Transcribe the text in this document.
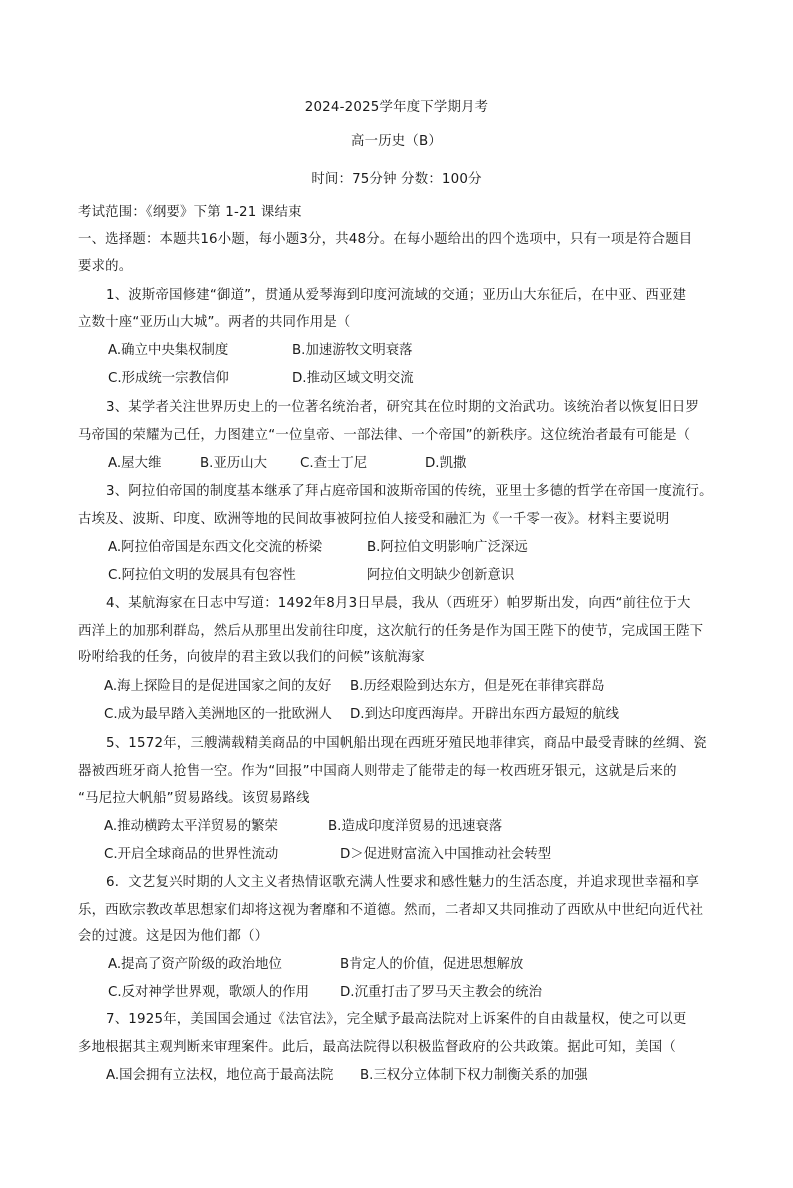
2024-2025学年度下学期月考
高一历史（B）
时间：75分钟 分数：100分
考试范围：《纲要》下第 1-21 课结束
一、选择题：本题共16小题，每小题3分，共48分。在每小题给出的四个选项中，只有一项是符合题目
要求的。
1、波斯帝国修建“御道”，贯通从爱琴海到印度河流域的交通；亚历山大东征后，在中亚、西亚建
立数十座“亚历山大城”。两者的共同作用是（
A.确立中央集权制度	B.加速游牧文明衰落
C.形成统一宗教信仰	D.推动区域文明交流
3、某学者关注世界历史上的一位著名统治者，研究其在位时期的文治武功。该统治者以恢复旧日罗
马帝国的荣耀为己任，力图建立“一位皇帝、一部法律、一个帝国”的新秩序。这位统治者最有可能是（
A.屋大维	B.亚历山大 C.查士丁尼	D.凯撒
3、阿拉伯帝国的制度基本继承了拜占庭帝国和波斯帝国的传统，亚里士多德的哲学在帝国一度流行。
古埃及、波斯、印度、欧洲等地的民间故事被阿拉伯人接受和融汇为《一千零一夜》。材料主要说明
A.阿拉伯帝国是东西文化交流的桥梁	B.阿拉伯文明影响广泛深远
C.阿拉伯文明的发展具有包容性	阿拉伯文明缺少创新意识
4、某航海家在日志中写道：1492年8月3日早晨，我从（西班牙）帕罗斯出发，向西“前往位于大
西洋上的加那利群岛，然后从那里出发前往印度，这次航行的任务是作为国王陛下的使节，完成国王陛下
吩咐给我的任务，向彼岸的君主致以我们的问候”该航海家
A.海上探险目的是促进国家之间的友好 B.历经艰险到达东方，但是死在菲律宾群岛
C.成为最早踏入美洲地区的一批欧洲人 D.到达印度西海岸。开辟出东西方最短的航线
5、1572年，三艘满载精美商品的中国帆船出现在西班牙殖民地菲律宾，商品中最受青睐的丝绸、瓷
器被西班牙商人抢售一空。作为“回报”中国商人则带走了能带走的每一枚西班牙银元，这就是后来的
“马尼拉大帆船”贸易路线。该贸易路线
A.推动横跨太平洋贸易的繁荣	B.造成印度洋贸易的迅速衰落
C.开启全球商品的世界性流动	D＞促进财富流入中国推动社会转型
6．文艺复兴时期的人文主义者热情讴歌充满人性要求和感性魅力的生活态度，并追求现世幸福和享
乐，西欧宗教改革思想家们却将这视为奢靡和不道德。然而，二者却又共同推动了西欧从中世纪向近代社
会的过渡。这是因为他们都（）
A.提高了资产阶级的政治地位	B肯定人的价值，促进思想解放
C.反对神学世界观，歌颂人的作用 D.沉重打击了罗马天主教会的统治
7、1925年，美国国会通过《法官法》，完全赋予最高法院对上诉案件的自由裁量权，使之可以更
多地根据其主观判断来审理案件。此后，最高法院得以积极监督政府的公共政策。据此可知，美国（
A.国会拥有立法权，地位高于最高法院 B.三权分立体制下权力制衡关系的加强
